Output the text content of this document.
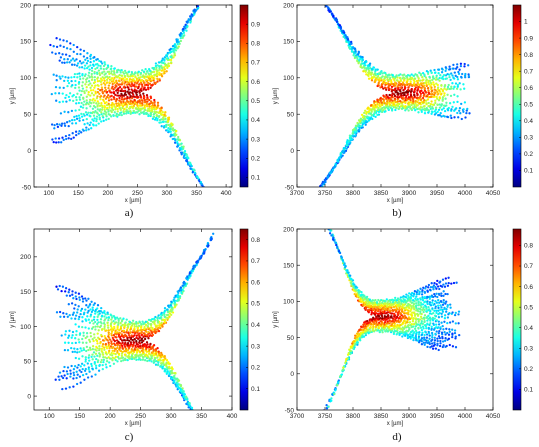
100	150	200	250	300	350	400
-50
0
50
100
150
200
x [µm]
y [µm]
0.1
0.2
0.3
0.4
0.5
0.6
0.7
0.8
0.9
a)
3700 3750 3800 3850 3900 3950 4000 4050
-50
0
50
100
150
200
x [µm]
y [µm]
0.1
0.2
0.3
0.4
0.5
0.6
0.7
0.8
0.9
1
b)
100	150	200	250	300	350	400
0
50
100
150
200
x [µm]
y [µm]
0.1
0.2
0.3
0.4
0.5
0.6
0.7
0.8
c)
3700 3750 3800 3850 3900 3950 4000 4050
-50
0
50
100
150
200
x [µm]
y [µm]
0.1
0.2
0.3
0.4
0.5
0.6
0.7
0.8
d)
